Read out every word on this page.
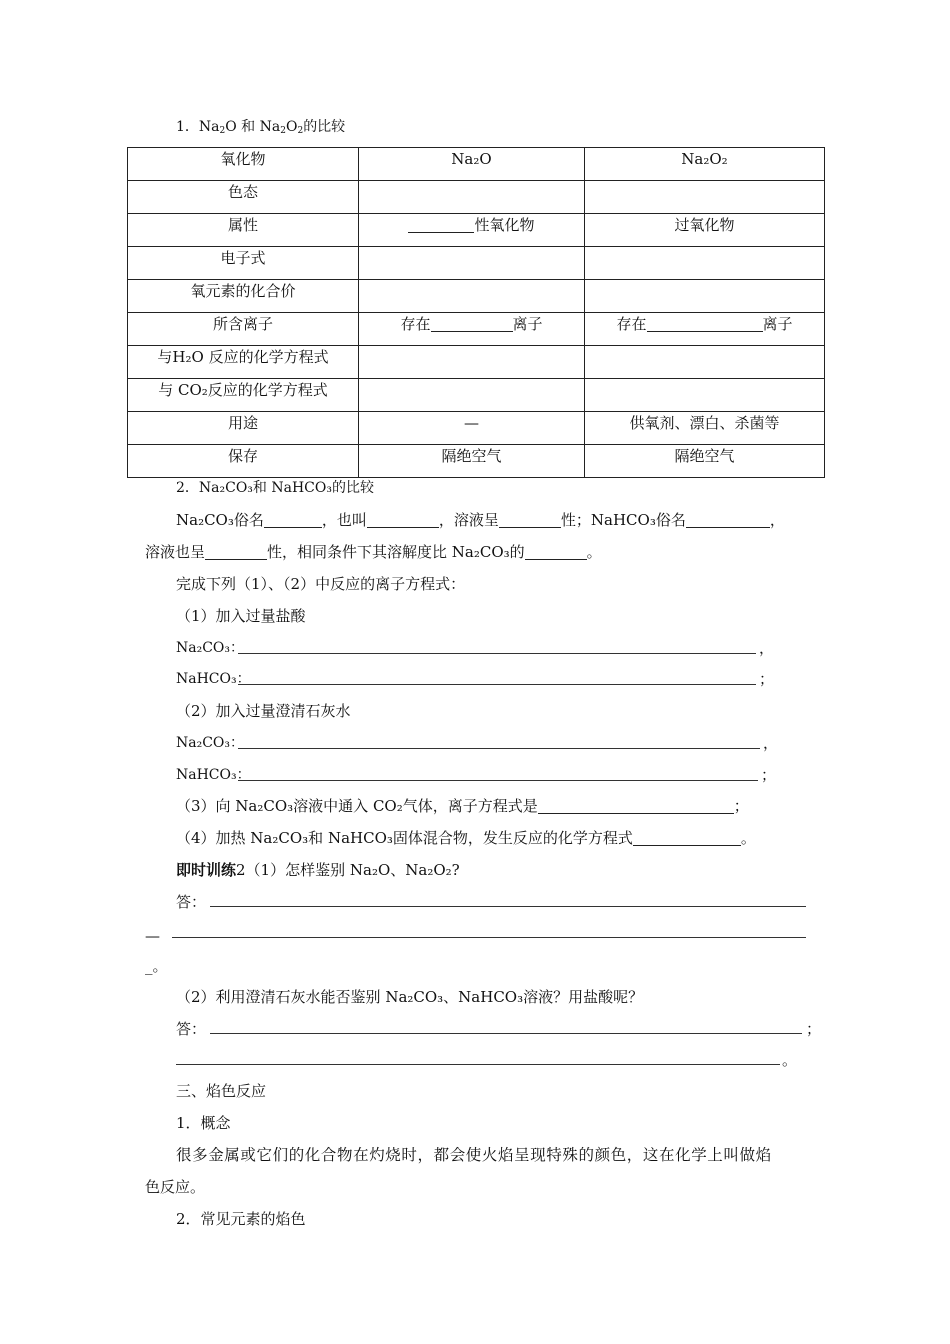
1．$Na_2O$ 和 $Na_2O_2$的比较
氧化物	Na₂O	Na₂O₂
色态		
属性	性氧化物	过氧化物
电子式		
氧元素的化合价		
所含离子	存在 离子	存在 离子
与H₂O 反应的化学方程式		
与 CO₂反应的化学方程式		
用途	—	供氧剂、漂白、杀菌等
保存	隔绝空气	隔绝空气
2．Na₂CO₃和 NaHCO₃的比较
Na₂CO₃俗名	，也叫	，溶液呈	性；NaHCO₃俗名	，
溶液也呈	性，相同条件下其溶解度比 Na₂CO₃的	。
完成下列（1）、（2）中反应的离子方程式：
（1）加入过量盐酸
Na₂CO₃：	，
NaHCO₃：	；
（2）加入过量澄清石灰水
Na₂CO₃：	，
NaHCO₃：	；
（3）向 Na₂CO₃溶液中通入 CO₂气体，离子方程式是	；
（4）加热 Na₂CO₃和 NaHCO₃固体混合物，发生反应的化学方程式	。
即时训练2（1）怎样鉴别 Na₂O、Na₂O₂?
答：
—
_。
（2）利用澄清石灰水能否鉴别 Na₂CO₃、NaHCO₃溶液？用盐酸呢？
答：	；
。
三、焰色反应
1．概念
很多金属或它们的化合物在灼烧时，都会使火焰呈现特殊的颜色，这在化学上叫做焰
色反应。
2．常见元素的焰色
